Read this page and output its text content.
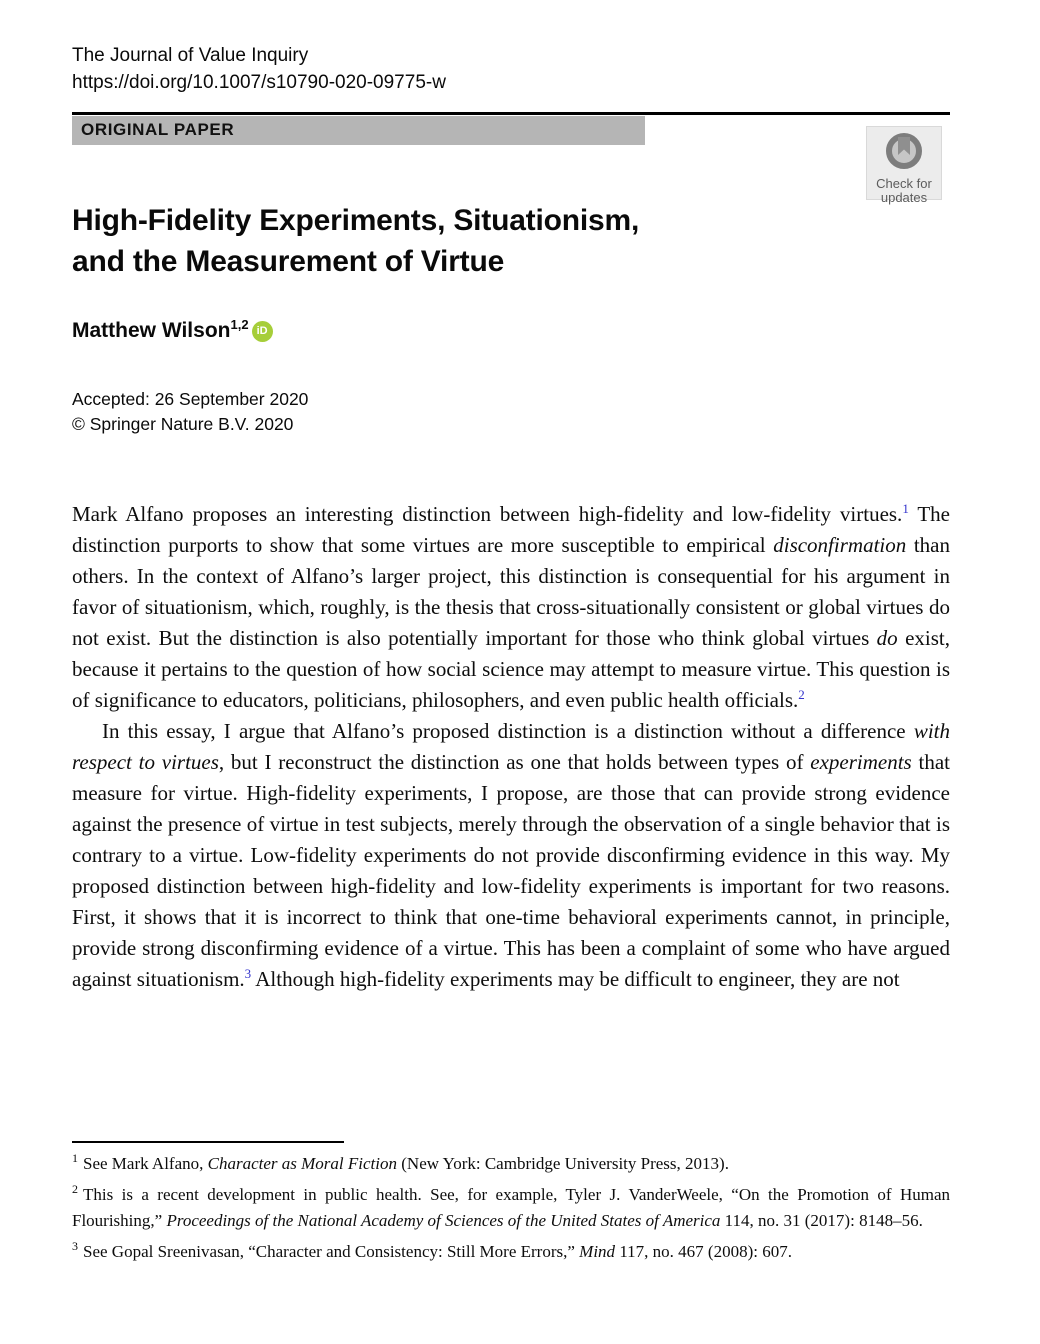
The Journal of Value Inquiry
https://doi.org/10.1007/s10790-020-09775-w
ORIGINAL PAPER
Check for
updates
High-Fidelity Experiments, Situationism,
and the Measurement of Virtue
Matthew Wilson$^{1,2}$ iD
Accepted: 26 September 2020
© Springer Nature B.V. 2020

Mark Alfano proposes an interesting distinction between high-fidelity and low-fidelity virtues.$^1$ The distinction purports to show that some virtues are more susceptible to empirical disconfirmation than others. In the context of Alfano’s larger project, this distinction is consequential for his argument in favor of situationism, which, roughly, is the thesis that cross-situationally consistent or global virtues do not exist. But the distinction is also potentially important for those who think global virtues do exist, because it pertains to the question of how social science may attempt to measure virtue. This question is of significance to educators, politicians, philosophers, and even public health officials.$^2$

In this essay, I argue that Alfano’s proposed distinction is a distinction without a difference with respect to virtues, but I reconstruct the distinction as one that holds between types of experiments that measure for virtue. High-fidelity experiments, I propose, are those that can provide strong evidence against the presence of virtue in test subjects, merely through the observation of a single behavior that is contrary to a virtue. Low-fidelity experiments do not provide disconfirming evidence in this way. My proposed distinction between high-fidelity and low-fidelity experiments is important for two reasons. First, it shows that it is incorrect to think that one-time behavioral experiments cannot, in principle, provide strong disconfirming evidence of a virtue. This has been a complaint of some who have argued against situationism.$^3$ Although high-fidelity experiments may be difficult to engineer, they are not

$^1$ See Mark Alfano, Character as Moral Fiction (New York: Cambridge University Press, 2013).
$^2$ This is a recent development in public health. See, for example, Tyler J. VanderWeele, “On the Promotion of Human Flourishing,” Proceedings of the National Academy of Sciences of the United States of America 114, no. 31 (2017): 8148–56.
$^3$ See Gopal Sreenivasan, “Character and Consistency: Still More Errors,” Mind 117, no. 467 (2008): 607.
